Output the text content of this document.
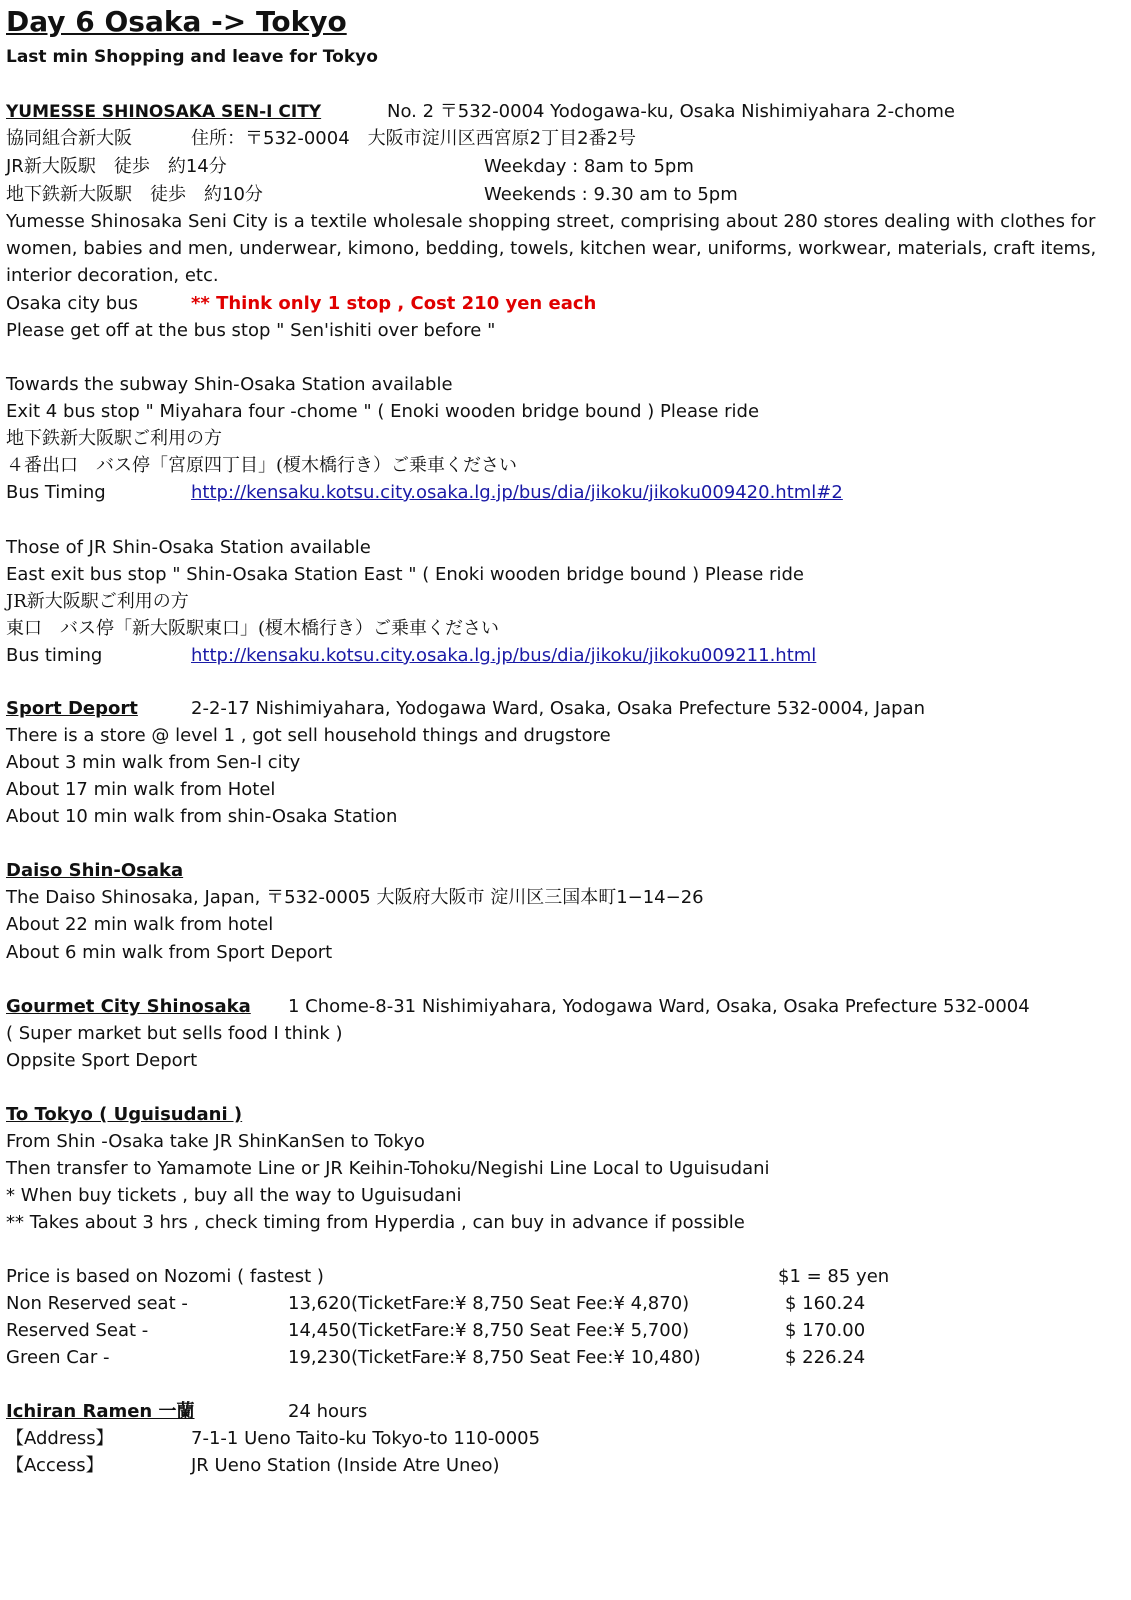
Day 6 Osaka -> Tokyo
Last min Shopping and leave for Tokyo
YUMESSE SHINOSAKA SEN-I CITY	No. 2 〒532-0004 Yodogawa-ku, Osaka Nishimiyahara 2-chome
協同組合新大阪	住所：〒532-0004　大阪市淀川区西宮原2丁目2番2号
JR新大阪駅　徒歩　約14分	Weekday : 8am to 5pm
地下鉄新大阪駅　徒歩　約10分	Weekends : 9.30 am to 5pm
Yumesse Shinosaka Seni City is a textile wholesale shopping street, comprising about 280 stores dealing with clothes for
women, babies and men, underwear, kimono, bedding, towels, kitchen wear, uniforms, workwear, materials, craft items,
interior decoration, etc.
Osaka city bus	** Think only 1 stop , Cost 210 yen each
Please get off at the bus stop " Sen'ishiti over before "
Towards the subway Shin-Osaka Station available
Exit 4 bus stop " Miyahara four -chome " ( Enoki wooden bridge bound ) Please ride
地下鉄新大阪駅ご利用の方
４番出口　バス停「宮原四丁目」(榎木橋行き）ご乗車ください
Bus Timing	http://kensaku.kotsu.city.osaka.lg.jp/bus/dia/jikoku/jikoku009420.html#2
Those of JR Shin-Osaka Station available
East exit bus stop " Shin-Osaka Station East " ( Enoki wooden bridge bound ) Please ride
JR新大阪駅ご利用の方
東口　バス停「新大阪駅東口」(榎木橋行き）ご乗車ください
Bus timing	http://kensaku.kotsu.city.osaka.lg.jp/bus/dia/jikoku/jikoku009211.html
Sport Deport	2-2-17 Nishimiyahara, Yodogawa Ward, Osaka, Osaka Prefecture 532-0004, Japan
There is a store @ level 1 , got sell household things and drugstore
About 3 min walk from Sen-I city
About 17 min walk from Hotel
About 10 min walk from shin-Osaka Station
Daiso Shin-Osaka
The Daiso Shinosaka, Japan, 〒532-0005 大阪府大阪市 淀川区三国本町1−14−26
About 22 min walk from hotel
About 6 min walk from Sport Deport
Gourmet City Shinosaka 1 Chome-8-31 Nishimiyahara, Yodogawa Ward, Osaka, Osaka Prefecture 532-0004
( Super market but sells food I think )
Oppsite Sport Deport
To Tokyo ( Uguisudani )
From Shin -Osaka take JR ShinKanSen to Tokyo
Then transfer to Yamamote Line or JR Keihin-Tohoku/Negishi Line Local to Uguisudani
* When buy tickets , buy all the way to Uguisudani
** Takes about 3 hrs , check timing from Hyperdia , can buy in advance if possible
Price is based on Nozomi ( fastest )	$1 = 85 yen
Non Reserved seat -	13,620(TicketFare:¥ 8,750 Seat Fee:¥ 4,870)	$ 160.24
Reserved Seat -	14,450(TicketFare:¥ 8,750 Seat Fee:¥ 5,700)	$ 170.00
Green Car -	19,230(TicketFare:¥ 8,750 Seat Fee:¥ 10,480)	$ 226.24
Ichiran Ramen 一蘭	24 hours
【Address】	7-1-1 Ueno Taito-ku Tokyo-to 110-0005
【Access】	JR Ueno Station (Inside Atre Uneo)
